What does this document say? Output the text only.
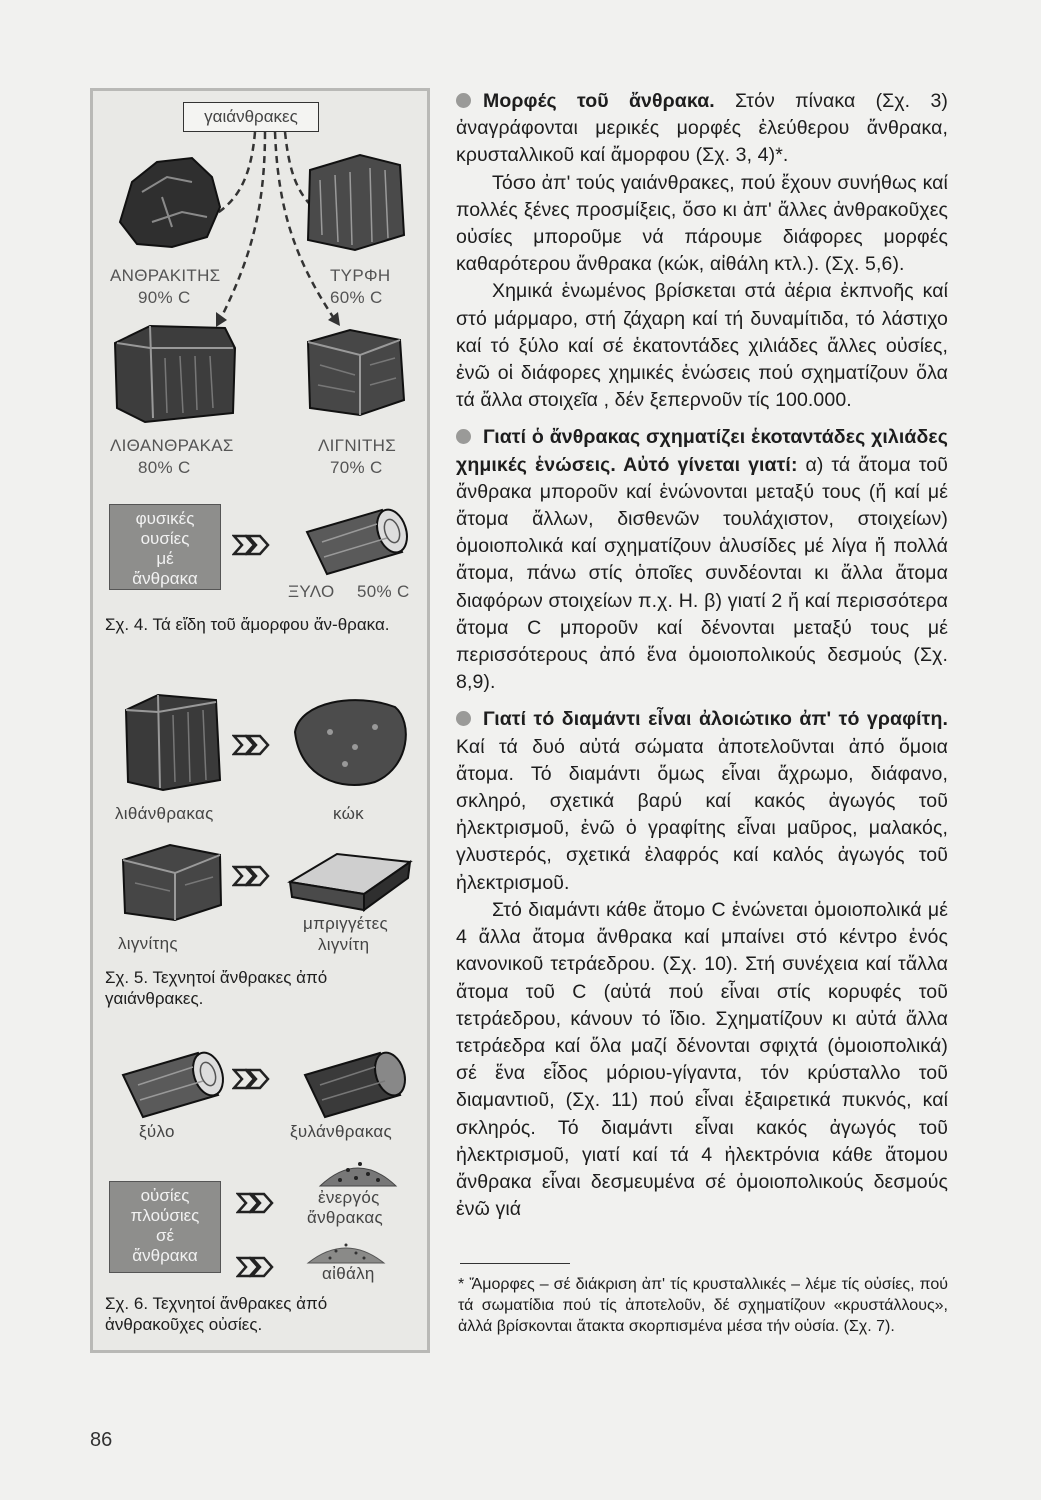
γαιάνθρακες
ΑΝΘΡΑΚΙΤΗΣ
90% C
ΤΥΡΦΗ
60% C
ΛΙΘΑΝΘΡΑΚΑΣ
80% C
ΛΙΓΝΙΤΗΣ
70% C
φυσικές
ουσίες
μέ
ἄνθρακα
ΞΥΛΟ 50% C
Σχ. 4. Τά εἴδη τοῦ ἄμορφου ἄν-θρακα.
λιθάνθρακας	κώκ
λιγνίτης
μπριγγέτες
λιγνίτη
Σχ. 5. Τεχνητοί ἄνθρακες ἀπό γαιάνθρακες.
ξύλο	ξυλάνθρακας
οὐσίες
πλούσιες
σέ
ἄνθρακα
ἐνεργός
ἄνθρακας
αἰθάλη
Σχ. 6. Τεχνητοί ἄνθρακες ἀπό ἀνθρακοῦχες οὐσίες.

Μορφές τοῦ ἄνθρακα. Στόν πίνακα (Σχ. 3) ἀναγράφονται μερικές μορφές ἐλεύθερου ἄνθρακα, κρυσταλλικοῦ καί ἄμορφου (Σχ. 3, 4)*.

Τόσο ἀπ' τούς γαιάνθρακες, πού ἔχουν συνήθως καί πολλές ξένες προσμίξεις, ὅσο κι ἀπ' ἄλλες ἀνθρακοῦχες οὐσίες μποροῦμε νά πάρουμε διάφορες μορφές καθαρότερου ἄνθρακα (κώκ, αἰθάλη κτλ.). (Σχ. 5,6).

Χημικά ἑνωμένος βρίσκεται στά ἀέρια ἐκπνοῆς καί στό μάρμαρο, στή ζάχαρη καί τή δυναμίτιδα, τό λάστιχο καί τό ξύλο καί σέ ἑκατοντάδες χιλιάδες ἄλλες οὐσίες, ἐνῶ οἱ διάφορες χημικές ἑνώσεις πού σχηματίζουν ὅλα τά ἄλλα στοιχεῖα , δέν ξεπερνοῦν τίς 100.000.

Γιατί ὁ ἄνθρακας σχηματίζει ἑκοταντάδες χιλιάδες χημικές ἑνώσεις. Αὐτό γίνεται γιατί: α) τά ἄτομα τοῦ ἄνθρακα μποροῦν καί ἑνώνονται μεταξύ τους (ἤ καί μέ ἄτομα ἄλλων, δισθενῶν τουλάχιστον, στοιχείων) ὁμοιοπολικά καί σχηματίζουν ἁλυσίδες μέ λίγα ἤ πολλά ἄτομα, πάνω στίς ὁποῖες συνδέονται κι ἄλλα ἄτομα διαφόρων στοιχείων π.χ. Η. β) γιατί 2 ἤ καί περισσότερα ἄτομα C μποροῦν καί δένονται μεταξύ τους μέ περισσότερους ἀπό ἕνα ὁμοιοπολικούς δεσμούς (Σχ. 8,9).

Γιατί τό διαμάντι εἶναι ἀλοιώτικο ἀπ' τό γραφίτη. Καί τά δυό αὐτά σώματα ἀποτελοῦνται ἀπό ὅμοια ἄτομα. Τό διαμάντι ὅμως εἶναι ἄχρωμο, διάφανο, σκληρό, σχετικά βαρύ καί κακός ἀγωγός τοῦ ἠλεκτρισμοῦ, ἐνῶ ὁ γραφίτης εἶναι μαῦρος, μαλακός, γλυστερός, σχετικά ἐλαφρός καί καλός ἀγωγός τοῦ ἠλεκτρισμοῦ.

Στό διαμάντι κάθε ἄτομο C ἑνώνεται ὁμοιοπολικά μέ 4 ἄλλα ἄτομα ἄνθρακα καί μπαίνει στό κέντρο ἑνός κανονικοῦ τετράεδρου. (Σχ. 10). Στή συνέχεια καί τἄλλα ἄτομα τοῦ C (αὐτά πού εἶναι στίς κορυφές τοῦ τετράεδρου, κάνουν τό ἴδιο. Σχηματίζουν κι αὐτά ἄλλα τετράεδρα καί ὅλα μαζί δένονται σφιχτά (ὁμοιοπολικά) σέ ἕνα εἶδος μόριου-γίγαντα, τόν κρύσταλλο τοῦ διαμαντιοῦ, (Σχ. 11) πού εἶναι ἐξαιρετικά πυκνός, καί σκληρός. Τό διαμάντι εἶναι κακός ἀγωγός τοῦ ἠλεκτρισμοῦ, γιατί καί τά 4 ἠλεκτρόνια κάθε ἄτομου ἄνθρακα εἶναι δεσμευμένα σέ ὁμοιοπολικούς δεσμούς ἐνῶ γιά

* Ἄμορφες – σέ διάκριση ἀπ' τίς κρυσταλλικές – λέμε τίς οὐσίες, πού τά σωματίδια πού τίς ἀποτελοῦν, δέ σχηματίζουν «κρυστάλλους», ἀλλά βρίσκονται ἄτακτα σκορπισμένα μέσα τήν οὐσία. (Σχ. 7).
86
